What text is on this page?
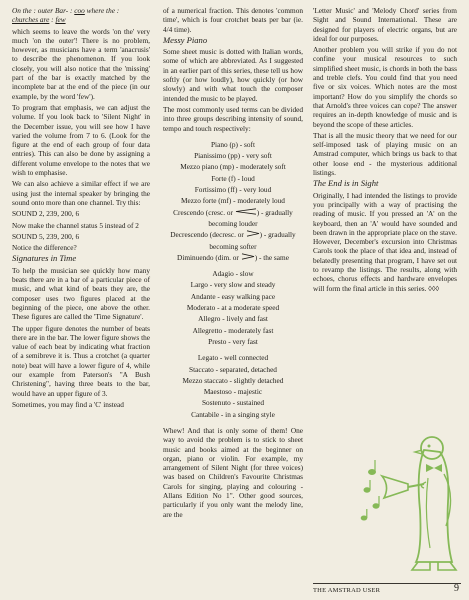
On the : outer Bar- : coo where the :
churches are : few

which seems to leave the words 'on the' very much 'on the outer'! There is no problem, however, as musicians have a term 'anacrusis' to describe the phenomenon. If you look closely, you will also notice that the 'missing' part of the bar is exactly matched by the incomplete bar at the end of the piece (in our example, by the word 'few').

To program that emphasis, we can adjust the volume. If you look back to 'Silent Night' in the December issue, you will see how I have varied the volume from 7 to 6. (Look for the figure at the end of each group of four data entries). This can also be done by assigning a different volume envelope to the notes that we wish to emphasise.

We can also achieve a similar effect if we are using just the internal speaker by bringing the sound onto more than one channel. Try this:

SOUND 2, 239, 200, 6

Now make the channel status 5 instead of 2

SOUND 5, 239, 200, 6

Notice the difference?

Signatures in Time

To help the musician see quickly how many beats there are in a bar of a particular piece of music, and what kind of beats they are, the composer uses two figures placed at the beginning of the piece, one above the other. These figures are called the 'Time Signature'.

The upper figure denotes the number of beats there are in the bar. The lower figure shows the value of each beat by indicating what fraction of a semibreve it is. Thus a crotchet (a quarter note) beat will have a lower figure of 4, while our example from Paterson's "A Bush Christening", having three beats to the bar, would have an upper figure of 3.

Sometimes, you may find a 'C' instead

of a numerical fraction. This denotes 'common time', which is four crotchet beats per bar (ie. 4/4 time).

Messy Piano

Some sheet music is dotted with Italian words, some of which are abbreviated. As I suggested in an earlier part of this series, these tell us how softly (or how loudly), how quickly (or how slowly) and with what touch the composer intended the music to be played.

The most commonly used terms can be divided into three groups describing intensity of sound, tempo and touch respectively:

Piano (p) - soft

Pianissimo (pp) - very soft

Mezzo piano (mp) - moderately soft

Forte (f) - loud

Fortissimo (ff) - very loud

Mezzo forte (mf) - moderately loud

Crescendo (cresc. or	) - gradually

becoming louder

Decrescendo (decresc. or ) - gradually

becoming softer

Diminuendo (dim. or ) - the same

Adagio - slow

Largo - very slow and steady

Andante - easy walking pace

Moderato - at a moderate speed

Allegro - lively and fast

Allegretto - moderately fast

Presto - very fast

Legato - well connected

Staccato - separated, detached

Mezzo staccato - slightly detached

Maestoso - majestic

Sostenuto - sustained

Cantabile - in a singing style

Whew! And that is only some of them! One way to avoid the problem is to stick to sheet music and books aimed at the beginner on organ, piano or violin. For example, my arrangement of Silent Night (for three voices) was based on Children's Favourite Christmas Carols for singing, playing and colouring - Allans Edition No 1". Other good sources, particularly if you only want the melody line, are the

'Letter Music' and 'Melody Chord' series from Sight and Sound International. These are designed for players of electric organs, but are ideal for our purposes.

Another problem you will strike if you do not confine your musical resources to such simplified sheet music, is chords in both the bass and treble clefs. You could find that you need five or six voices. Which notes are the most important? How do you simplify the chords so that Arnold's three voices can cope? The answer requires an in-depth knowledge of music and is beyond the scope of these articles.

That is all the music theory that we need for our self-imposed task of playing music on an Amstrad computer, which brings us back to that other loose end - the mysterious additional listings.

The End is in Sight

Originally, I had intended the listings to provide you principally with a way of practising the reading of music. If you pressed an 'A' on the keyboard, then an 'A' would have sounded and been drawn in the appropriate place on the stave. However, December's excursion into Christmas Carols took the place of that idea and, instead of belatedly presenting that program, I have set out to revamp the listings. The results, along with echoes, chorus effects and hardware envelopes will form the final article in this series. ◊◊◊

THE AMSTRAD USER	9
